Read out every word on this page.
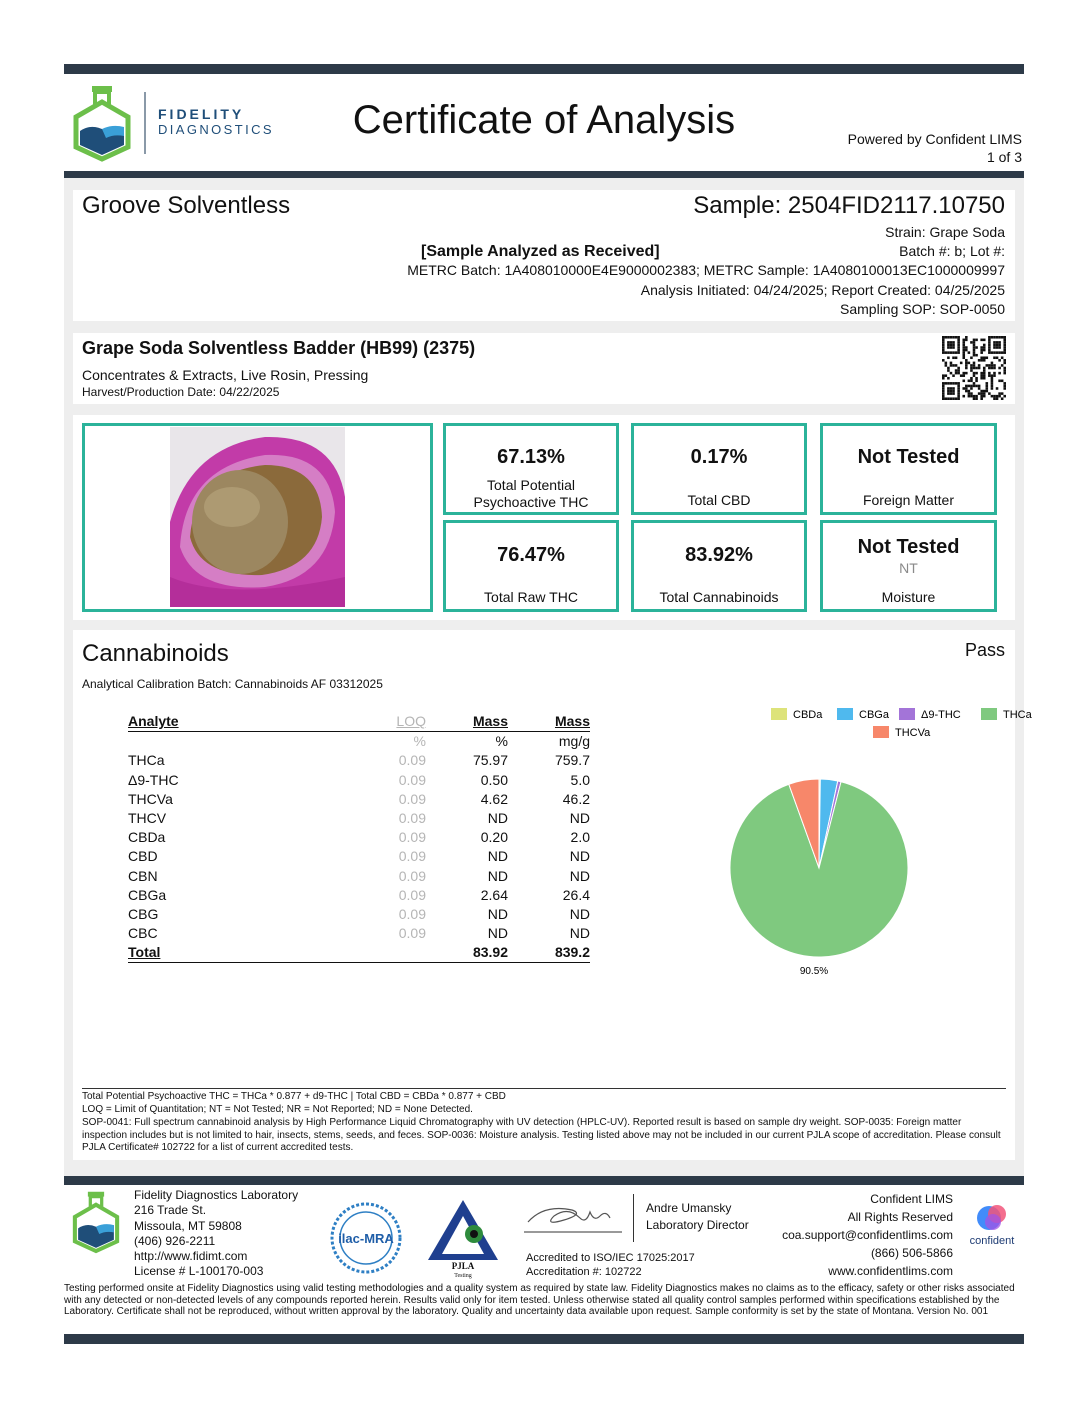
FIDELITY
DIAGNOSTICS	Certificate of Analysis	Powered by Confident LIMS
1 of 3
Groove Solventless	Sample: 2504FID2117.10750
Strain: Grape Soda
[Sample Analyzed as Received]	Batch #: b; Lot #:
METRC Batch: 1A408010000E4E9000002383; METRC Sample: 1A4080100013EC1000009997
Analysis Initiated: 04/24/2025; Report Created: 04/25/2025
Sampling SOP: SOP-0050
Grape Soda Solventless Badder (HB99) (2375)
Concentrates & Extracts, Live Rosin, Pressing
Harvest/Production Date: 04/22/2025
67.13%
Total Potential Psychoactive THC
0.17%
Total CBD
Not Tested
Foreign Matter
76.47%
Total Raw THC
83.92%
Total Cannabinoids
Not Tested
NT
Moisture
Cannabinoids	Pass
Analytical Calibration Batch: Cannabinoids AF 03312025
Analyte	LOQ	Mass	Mass
	%	%	mg/g
THCa	0.09	75.97	759.7
Δ9-THC	0.09	0.50	5.0
THCVa	0.09	4.62	46.2
THCV	0.09	ND	ND
CBDa	0.09	0.20	2.0
CBD	0.09	ND	ND
CBN	0.09	ND	ND
CBGa	0.09	2.64	26.4
CBG	0.09	ND	ND
CBC	0.09	ND	ND
Total		83.92	839.2
CBDa	CBGa	Δ9-THC	THCa
THCVa
90.5%
Total Potential Psychoactive THC = THCa * 0.877 + d9-THC | Total CBD = CBDa * 0.877 + CBD
LOQ = Limit of Quantitation; NT = Not Tested; NR = Not Reported; ND = None Detected.
SOP-0041: Full spectrum cannabinoid analysis by High Performance Liquid Chromatography with UV detection (HPLC-UV). Reported result is based on sample dry weight. SOP-0035: Foreign matter inspection includes but is not limited to hair, insects, stems, seeds, and feces. SOP-0036: Moisture analysis. Testing listed above may not be included in our current PJLA scope of accreditation. Please consult PJLA Certificate# 102722 for a list of current accredited tests.
Fidelity Diagnostics Laboratory
216 Trade St.
Missoula, MT 59808
(406) 926-2211
http://www.fidimt.com
License # L-100170-003
ilac-MRA
PJLA
Testing
Andre Umansky
Laboratory Director
Accredited to ISO/IEC 17025:2017
Accreditation #: 102722
Confident LIMS
All Rights Reserved
coa.support@confidentlims.com
(866) 506-5866
www.confidentlims.com
confident
Testing performed onsite at Fidelity Diagnostics using valid testing methodologies and a quality system as required by state law. Fidelity Diagnostics makes no claims as to the efficacy, safety or other risks associated with any detected or non-detected levels of any compounds reported herein. Results valid only for item tested. Unless otherwise stated all quality control samples performed within specifications established by the Laboratory. Certificate shall not be reproduced, without written approval by the laboratory. Quality and uncertainty data available upon request. Sample conformity is set by the state of Montana. Version No. 001
